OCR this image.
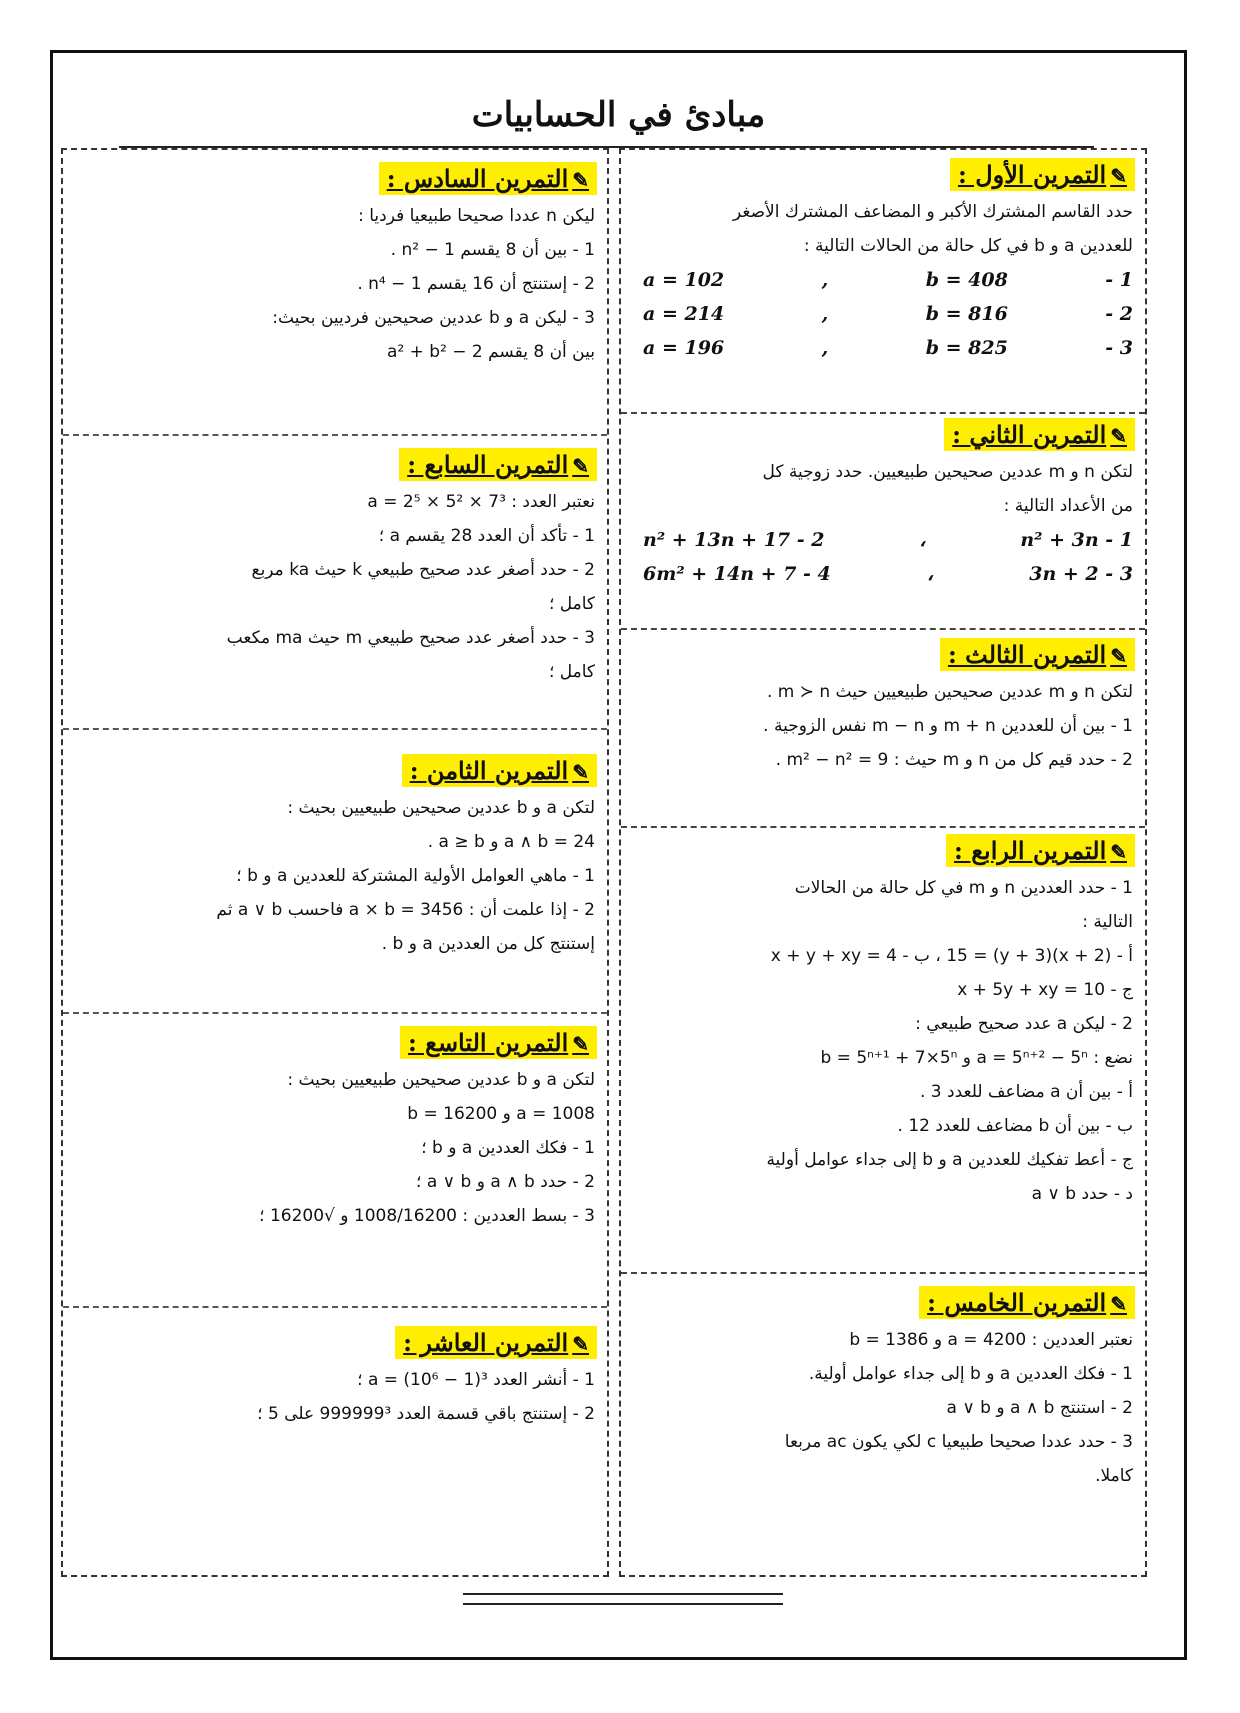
مبادئ في الحسابيات
✎التمرين الأول :
حدد القاسم المشترك الأكبر و المضاعف المشترك الأصغر
للعددين a و b في كل حالة من الحالات التالية :
1 -
b = 408
,
a = 102
2 -
b = 816
,
a = 214
3 -
b = 825
,
a = 196
✎التمرين الثاني :
لتكن n و m عددين صحيحين طبيعيين. حدد زوجية كل
من الأعداد التالية :
1 - n² + 3n
،
2 - n² + 13n + 17
3 - 3n + 2
،
4 - 6m² + 14n + 7
✎التمرين الثالث :
لتكن n و m عددين صحيحين طبيعيين حيث m ≻ n .
1 - بين أن للعددين m + n و m − n نفس الزوجية .
2 - حدد قيم كل من n و m حيث : m² − n² = 9 .
✎التمرين الرابع :
1 - حدد العددين n و m في كل حالة من الحالات
التالية :
أ - (x + 2)(y + 3) = 15 ، ب - x + y + xy = 4
ج - x + 5y + xy = 10
2 - ليكن a عدد صحيح طبيعي :
نضع : a = 5ⁿ⁺² − 5ⁿ و b = 5ⁿ⁺¹ + 7×5ⁿ
أ - بين أن a مضاعف للعدد 3 .
ب - بين أن b مضاعف للعدد 12 .
ج - أعط تفكيك للعددين a و b إلى جداء عوامل أولية
د - حدد a ∨ b
✎التمرين الخامس :
نعتبر العددين : a = 4200 و b = 1386
1 - فكك العددين a و b إلى جداء عوامل أولية.
2 - استنتج a ∧ b و a ∨ b
3 - حدد عددا صحيحا طبيعيا c لكي يكون ac مربعا
كاملا.
✎التمرين السادس :
ليكن n عددا صحيحا طبيعيا فرديا :
1 - بين أن 8 يقسم n² − 1 .
2 - إستنتج أن 16 يقسم n⁴ − 1 .
3 - ليكن a و b عددين صحيحين فرديين بحيث:
بين أن 8 يقسم a² + b² − 2
✎التمرين السابع :
نعتبر العدد : a = 2⁵ × 5² × 7³
1 - تأكد أن العدد 28 يقسم a ؛
2 - حدد أصغر عدد صحيح طبيعي k حيث ka مربع
كامل ؛
3 - حدد أصغر عدد صحيح طبيعي m حيث ma مكعب
كامل ؛
✎التمرين الثامن :
لتكن a و b عددين صحيحين طبيعيين بحيث :
a ∧ b = 24 و a ≥ b .
1 - ماهي العوامل الأولية المشتركة للعددين a و b ؛
2 - إذا علمت أن : a × b = 3456 فاحسب a ∨ b ثم
إستنتج كل من العددين a و b .
✎التمرين التاسع :
لتكن a و b عددين صحيحين طبيعيين بحيث :
a = 1008 و b = 16200
1 - فكك العددين a و b ؛
2 - حدد a ∧ b و a ∨ b ؛
3 - بسط العددين : 1008/16200 و √16200 ؛
✎التمرين العاشر :
1 - أنشر العدد a = (10⁶ − 1)³ ؛
2 - إستنتج باقي قسمة العدد 999999³ على 5 ؛
